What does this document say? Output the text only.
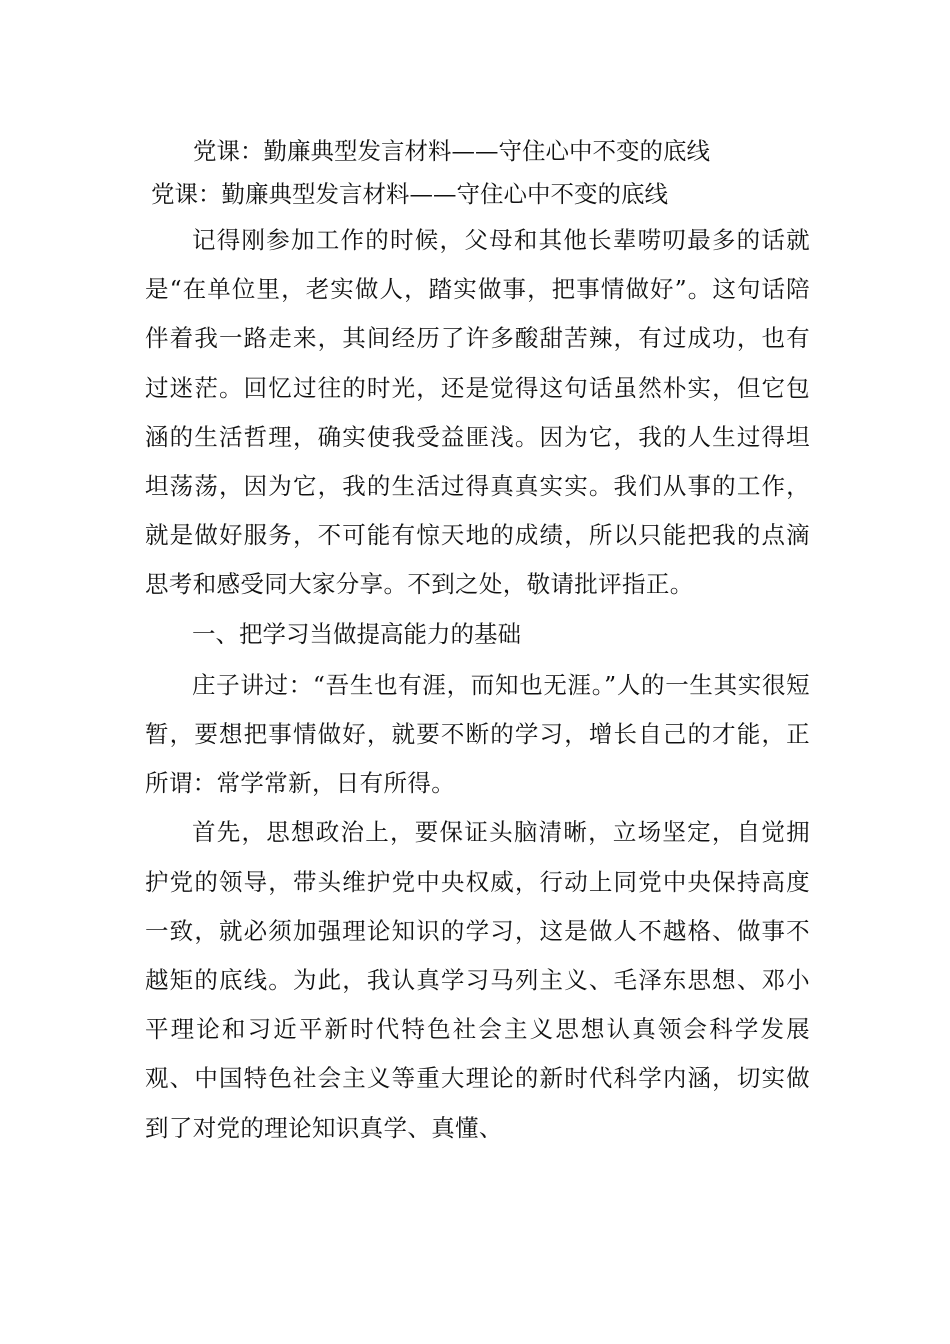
党课：勤廉典型发言材料——守住心中不变的底线
党课：勤廉典型发言材料——守住心中不变的底线

记得刚参加工作的时候，父母和其他长辈唠叨最多的话就是“在单位里，老实做人，踏实做事，把事情做好”。这句话陪伴着我一路走来，其间经历了许多酸甜苦辣，有过成功，也有过迷茫。回忆过往的时光，还是觉得这句话虽然朴实，但它包涵的生活哲理，确实使我受益匪浅。因为它，我的人生过得坦坦荡荡，因为它，我的生活过得真真实实。我们从事的工作，就是做好服务，不可能有惊天地的成绩，所以只能把我的点滴思考和感受同大家分享。不到之处，敬请批评指正。

一、把学习当做提高能力的基础

庄子讲过：“吾生也有涯，而知也无涯。”人的一生其实很短暂，要想把事情做好，就要不断的学习，增长自己的才能，正所谓：常学常新，日有所得。

首先，思想政治上，要保证头脑清晰，立场坚定，自觉拥护党的领导，带头维护党中央权威，行动上同党中央保持高度一致，就必须加强理论知识的学习，这是做人不越格、做事不越矩的底线。为此，我认真学习马列主义、毛泽东思想、邓小平理论和习近平新时代特色社会主义思想认真领会科学发展观、中国特色社会主义等重大理论的新时代科学内涵，切实做到了对党的理论知识真学、真懂、
